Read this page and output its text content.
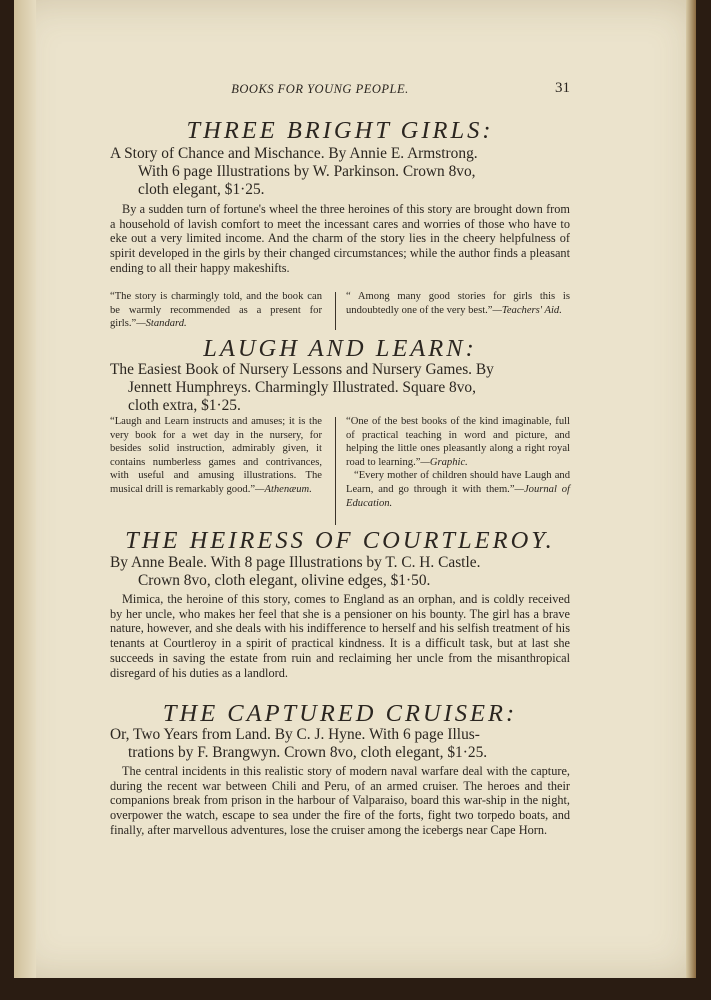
BOOKS FOR YOUNG PEOPLE.	31
THREE BRIGHT GIRLS:

A Story of Chance and Mischance. By Annie E. Armstrong.

With 6 page Illustrations by W. Parkinson. Crown 8vo,

cloth elegant, $1·25.

By a sudden turn of fortune's wheel the three heroines of this story are brought down from a household of lavish comfort to meet the incessant cares and worries of those who have to eke out a very limited income. And the charm of the story lies in the cheery helpfulness of spirit developed in the girls by their changed circumstances; while the author finds a pleasant ending to all their happy makeshifts.

“The story is charmingly told, and the book can be warmly recommended as a present for girls.”—Standard.

“ Among many good stories for girls this is undoubtedly one of the very best.”—Teachers' Aid.

LAUGH AND LEARN:

The Easiest Book of Nursery Lessons and Nursery Games. By

Jennett Humphreys. Charmingly Illustrated. Square 8vo,

cloth extra, $1·25.

“Laugh and Learn instructs and amuses; it is the very book for a wet day in the nursery, for besides solid instruction, admirably given, it contains numberless games and contrivances, with useful and amusing illustrations. The musical drill is remarkably good.”—Athenæum.

“One of the best books of the kind imaginable, full of practical teaching in word and picture, and helping the little ones pleasantly along a right royal road to learning.”—Graphic.

“Every mother of children should have Laugh and Learn, and go through it with them.”—Journal of Education.

THE HEIRESS OF COURTLEROY.

By Anne Beale. With 8 page Illustrations by T. C. H. Castle.

Crown 8vo, cloth elegant, olivine edges, $1·50.

Mimica, the heroine of this story, comes to England as an orphan, and is coldly received by her uncle, who makes her feel that she is a pensioner on his bounty. The girl has a brave nature, however, and she deals with his indifference to herself and his selfish treatment of his tenants at Courtleroy in a spirit of practical kindness. It is a difficult task, but at last she succeeds in saving the estate from ruin and reclaiming her uncle from the misanthropical disregard of his duties as a landlord.
THE CAPTURED CRUISER:

Or, Two Years from Land. By C. J. Hyne. With 6 page Illus-

trations by F. Brangwyn. Crown 8vo, cloth elegant, $1·25.

The central incidents in this realistic story of modern naval warfare deal with the capture, during the recent war between Chili and Peru, of an armed cruiser. The heroes and their companions break from prison in the harbour of Valparaiso, board this war-ship in the night, overpower the watch, escape to sea under the fire of the forts, fight two torpedo boats, and finally, after marvellous adventures, lose the cruiser among the icebergs near Cape Horn.
